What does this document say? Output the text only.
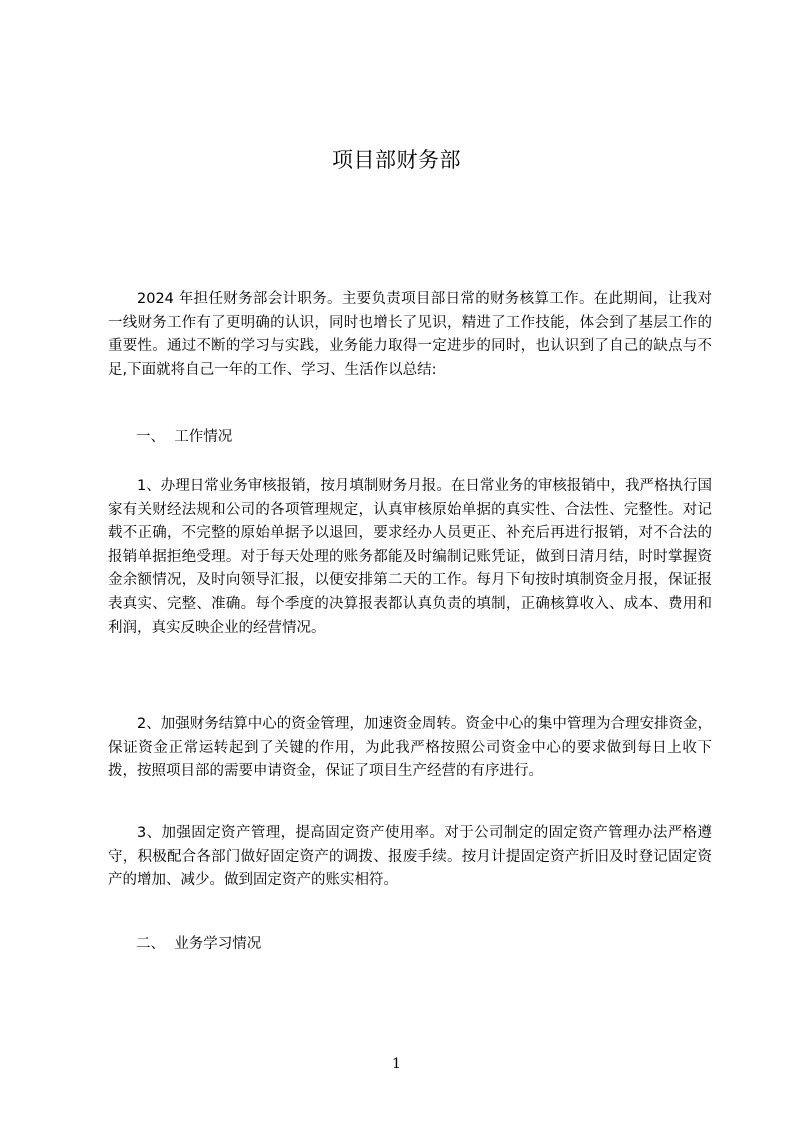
项目部财务部

2024 年担任财务部会计职务。主要负责项目部日常的财务核算工作。在此期间，让我对一线财务工作有了更明确的认识，同时也增长了见识，精进了工作技能，体会到了基层工作的重要性。通过不断的学习与实践，业务能力取得一定进步的同时，也认识到了自己的缺点与不足,下面就将自己一年的工作、学习、生活作以总结:

一、  工作情况

1、办理日常业务审核报销，按月填制财务月报。在日常业务的审核报销中，我严格执行国家有关财经法规和公司的各项管理规定，认真审核原始单据的真实性、合法性、完整性。对记载不正确，不完整的原始单据予以退回，要求经办人员更正、补充后再进行报销，对不合法的报销单据拒绝受理。对于每天处理的账务都能及时编制记账凭证，做到日清月结，时时掌握资金余额情况，及时向领导汇报，以便安排第二天的工作。每月下旬按时填制资金月报，保证报表真实、完整、准确。每个季度的决算报表都认真负责的填制，正确核算收入、成本、费用和利润，真实反映企业的经营情况。

2、加强财务结算中心的资金管理，加速资金周转。资金中心的集中管理为合理安排资金，保证资金正常运转起到了关键的作用，为此我严格按照公司资金中心的要求做到每日上收下拨，按照项目部的需要申请资金，保证了项目生产经营的有序进行。

3、加强固定资产管理，提高固定资产使用率。对于公司制定的固定资产管理办法严格遵守，积极配合各部门做好固定资产的调拨、报废手续。按月计提固定资产折旧及时登记固定资产的增加、减少。做到固定资产的账实相符。

二、  业务学习情况

1
